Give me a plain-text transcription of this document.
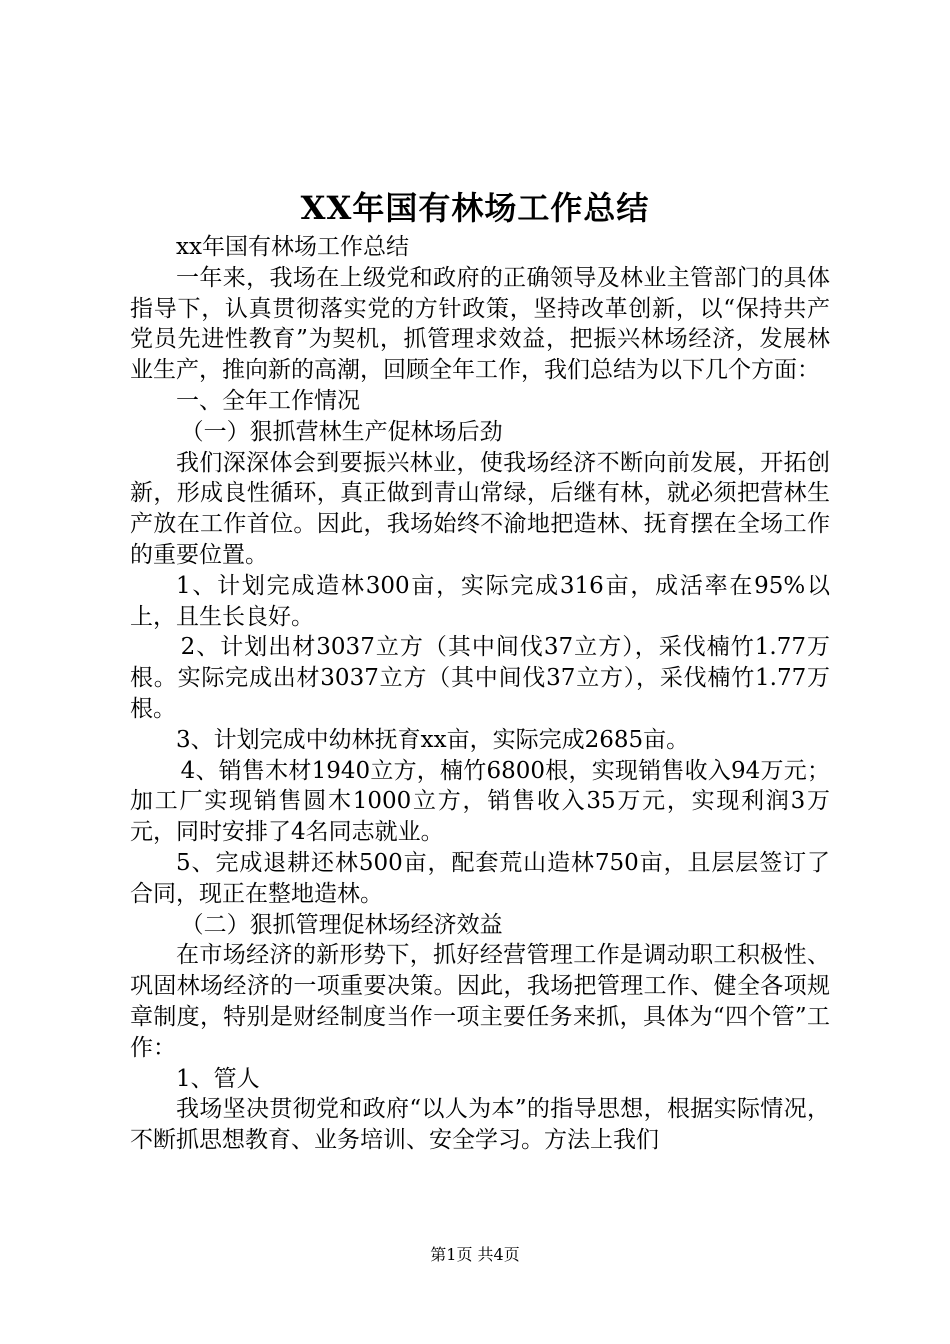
XX年国有林场工作总结

xx年国有林场工作总结

一年来，我场在上级党和政府的正确领导及林业主管部门的具体指导下，认真贯彻落实党的方针政策，坚持改革创新，以“保持共产党员先进性教育”为契机，抓管理求效益，把振兴林场经济，发展林业生产，推向新的高潮，回顾全年工作，我们总结为以下几个方面：

一、全年工作情况

（一）狠抓营林生产促林场后劲

我们深深体会到要振兴林业，使我场经济不断向前发展，开拓创新，形成良性循环，真正做到青山常绿，后继有林，就必须把营林生产放在工作首位。因此，我场始终不渝地把造林、抚育摆在全场工作的重要位置。

1、计划完成造林300亩，实际完成316亩，成活率在95%以上，且生长良好。

2、计划出材3037立方（其中间伐37立方），采伐楠竹1.77万根。实际完成出材3037立方（其中间伐37立方），采伐楠竹1.77万根。

3、计划完成中幼林抚育xx亩，实际完成2685亩。

4、销售木材1940立方，楠竹6800根，实现销售收入94万元；加工厂实现销售圆木1000立方，销售收入35万元，实现利润3万元，同时安排了4名同志就业。

5、完成退耕还林500亩，配套荒山造林750亩，且层层签订了合同，现正在整地造林。

（二）狠抓管理促林场经济效益

在市场经济的新形势下，抓好经营管理工作是调动职工积极性、巩固林场经济的一项重要决策。因此，我场把管理工作、健全各项规章制度，特别是财经制度当作一项主要任务来抓，具体为“四个管”工作：

1、管人

我场坚决贯彻党和政府“以人为本”的指导思想，根据实际情况，不断抓思想教育、业务培训、安全学习。方法上我们

第1页 共4页
